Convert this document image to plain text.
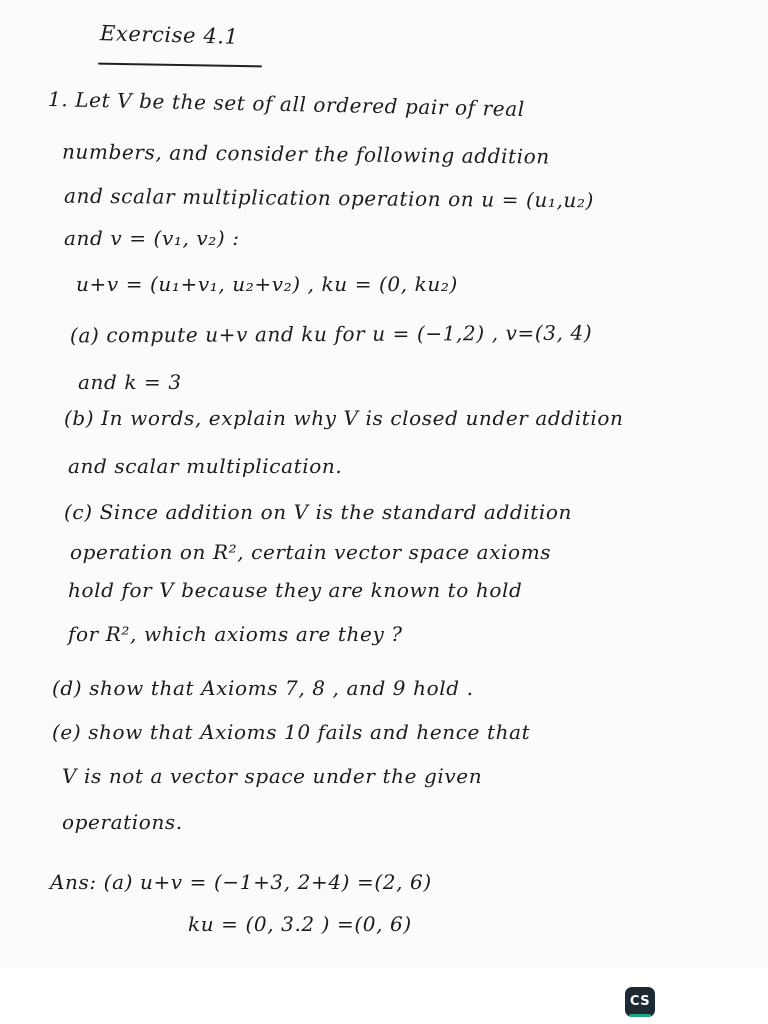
Exercise 4.1
1. Let V be the set of all ordered pair of real
numbers, and consider the following addition
and scalar multiplication operation on u = (u₁,u₂)
and v = (v₁, v₂) :
u+v = (u₁+v₁, u₂+v₂) , ku = (0, ku₂)
(a) compute u+v and ku for u = (−1,2) , v=(3, 4)
and k = 3
(b) In words, explain why V is closed under addition
and scalar multiplication.
(c) Since addition on V is the standard addition
operation on R², certain vector space axioms
hold for V because they are known to hold
for R², which axioms are they ?
(d) show that Axioms 7, 8 , and 9 hold .
(e) show that Axioms 10 fails and hence that
V is not a vector space under the given
operations.
Ans: (a) u+v = (−1+3, 2+4) =(2, 6)
ku = (0, 3.2 ) =(0, 6)
CS
